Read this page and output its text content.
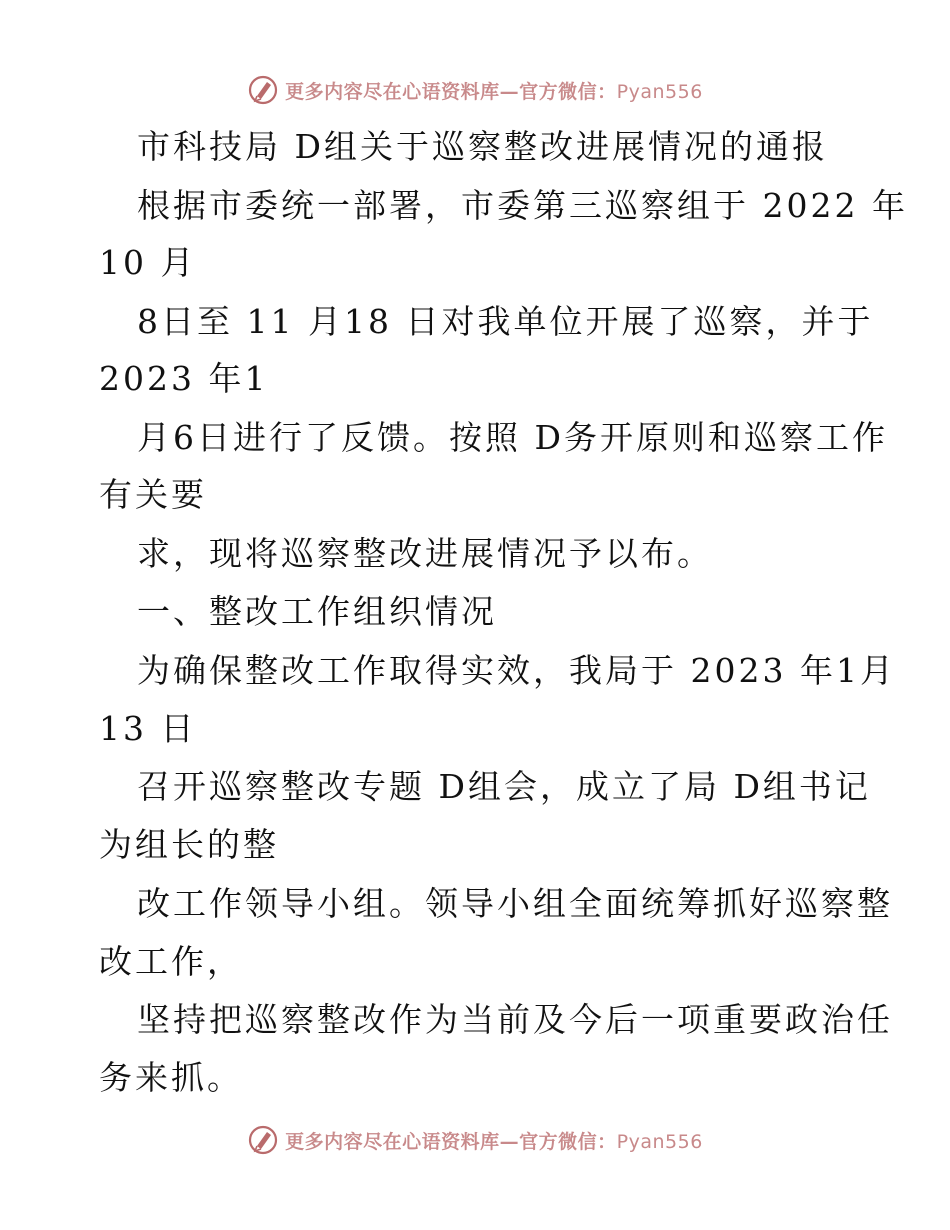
更多内容尽在心语资料库—官方微信：Pyan556
市科技局 D组关于巡察整改进展情况的通报
根据市委统一部署，市委第三巡察组于 2022 年
10 月
8日至 11 月18 日对我单位开展了巡察，并于
2023 年1
月6日进行了反馈。按照 D务开原则和巡察工作
有关要
求，现将巡察整改进展情况予以布。
一、整改工作组织情况
为确保整改工作取得实效，我局于 2023 年1月
13 日
召开巡察整改专题 D组会，成立了局 D组书记
为组长的整
改工作领导小组。领导小组全面统筹抓好巡察整
改工作，
坚持把巡察整改作为当前及今后一项重要政治任
务来抓。
更多内容尽在心语资料库—官方微信：Pyan556
